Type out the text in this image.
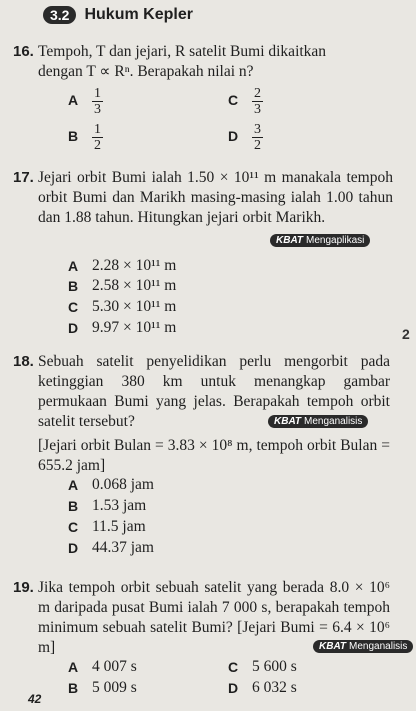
3.2 Hukum Kepler
16. Tempoh, T dan jejari, R satelit Bumi dikaitkan
dengan T ∝ Rⁿ. Berapakah nilai n?
A $\frac{1}{3}$	C $\frac{2}{3}$
B $\frac{1}{2}$	D $\frac{3}{2}$
17. Jejari orbit Bumi ialah 1.50 × 10¹¹ m manakala tempoh orbit Bumi dan Marikh masing-masing ialah 1.00 tahun dan 1.88 tahun. Hitungkan jejari orbit Marikh.
KBAT Mengaplikasi
A 2.28 × 10¹¹ m
B 2.58 × 10¹¹ m
C 5.30 × 10¹¹ m
D 9.97 × 10¹¹ m	2
18. Sebuah satelit penyelidikan perlu mengorbit pada ketinggian 380 km untuk menangkap gambar permukaan Bumi yang jelas. Berapakah tempoh orbit satelit tersebut?
[Jejari orbit Bulan = 3.83 × 10⁸ m, tempoh orbit Bulan = 655.2 jam]
KBAT Menganalisis
A 0.068 jam
B 1.53 jam
C 11.5 jam
D 44.37 jam
19. Jika tempoh orbit sebuah satelit yang berada 8.0 × 10⁶ m daripada pusat Bumi ialah 7 000 s, berapakah tempoh minimum sebuah satelit Bumi? [Jejari Bumi = 6.4 × 10⁶ m]	KBAT Menganalisis
A 4 007 s	C 5 600 s
B 5 009 s	D 6 032 s
42
